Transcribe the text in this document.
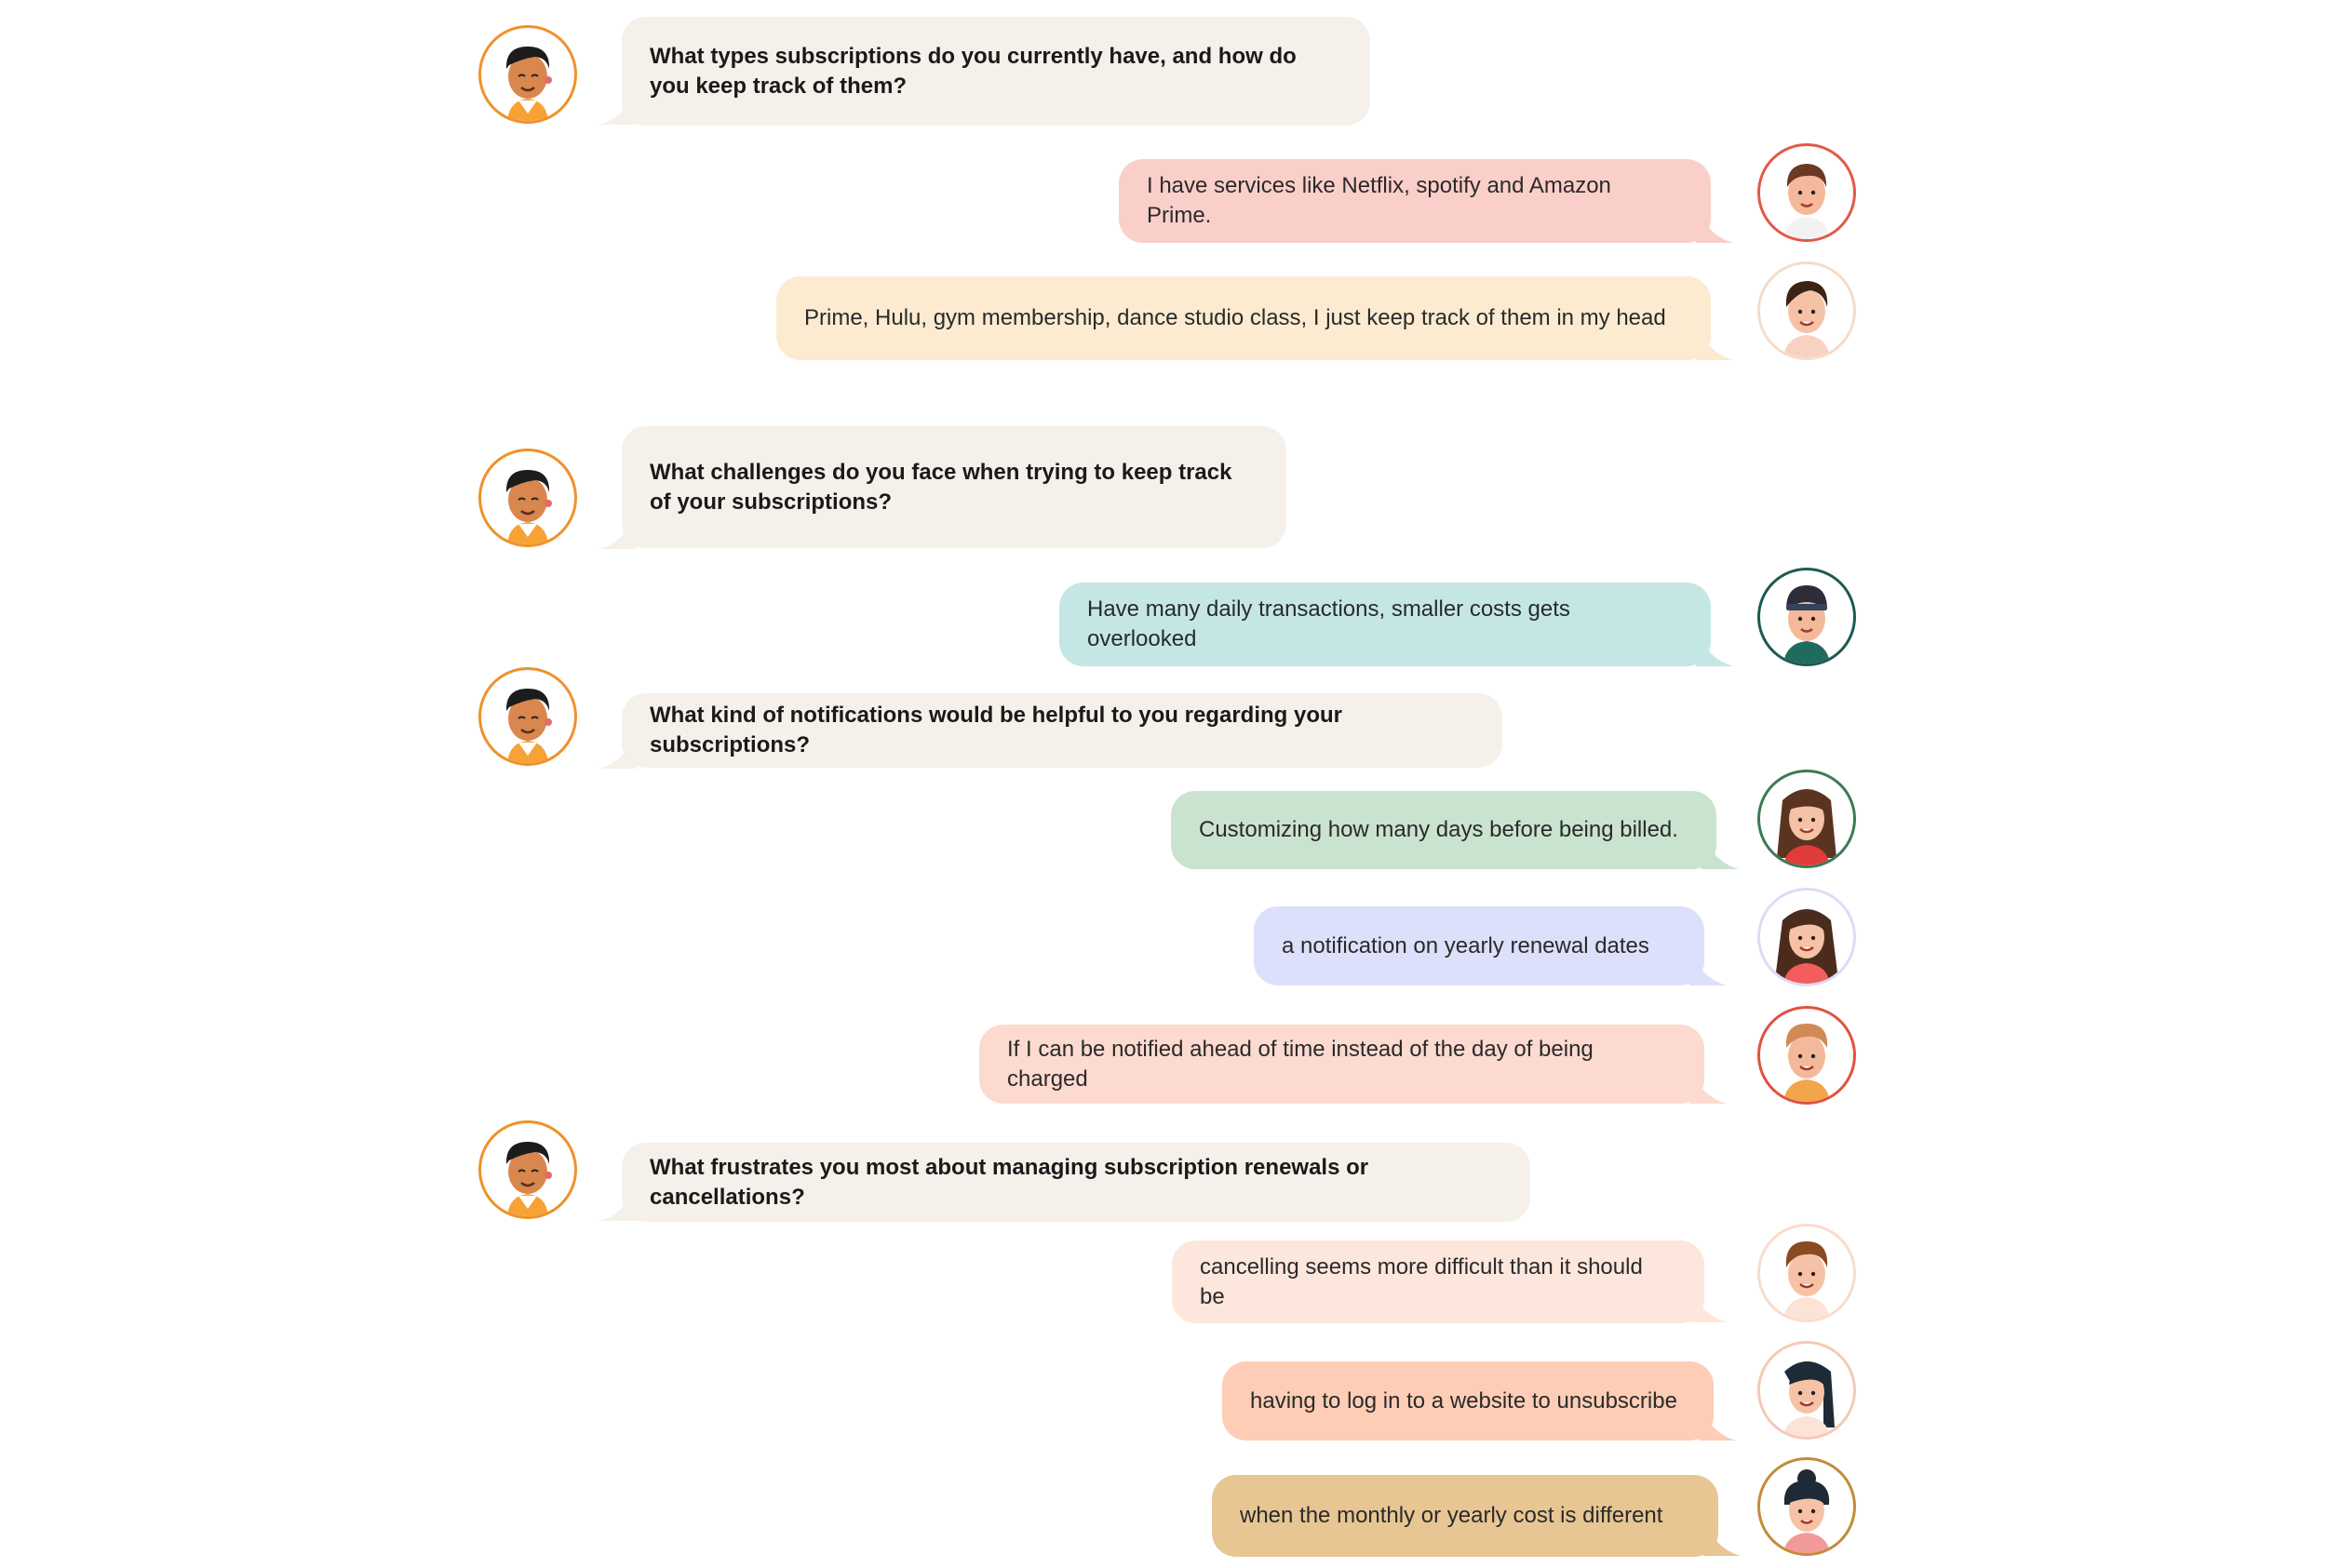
What types subscriptions do you currently have, and how do you keep track of them?
I have services like Netflix, spotify and Amazon Prime.
Prime, Hulu, gym membership, dance studio class, I just keep track of them in my head
What challenges do you face when trying to keep track of your subscriptions?
Have many daily transactions, smaller costs gets overlooked
What kind of notifications would be helpful to you regarding your subscriptions?
Customizing how many days before being billed.
a notification on yearly renewal dates
If I can be notified ahead of time instead of the day of being charged
What frustrates you most about managing subscription renewals or cancellations?
cancelling seems more difficult than it should be
having to log in to a website to unsubscribe
when the monthly or yearly cost is different
